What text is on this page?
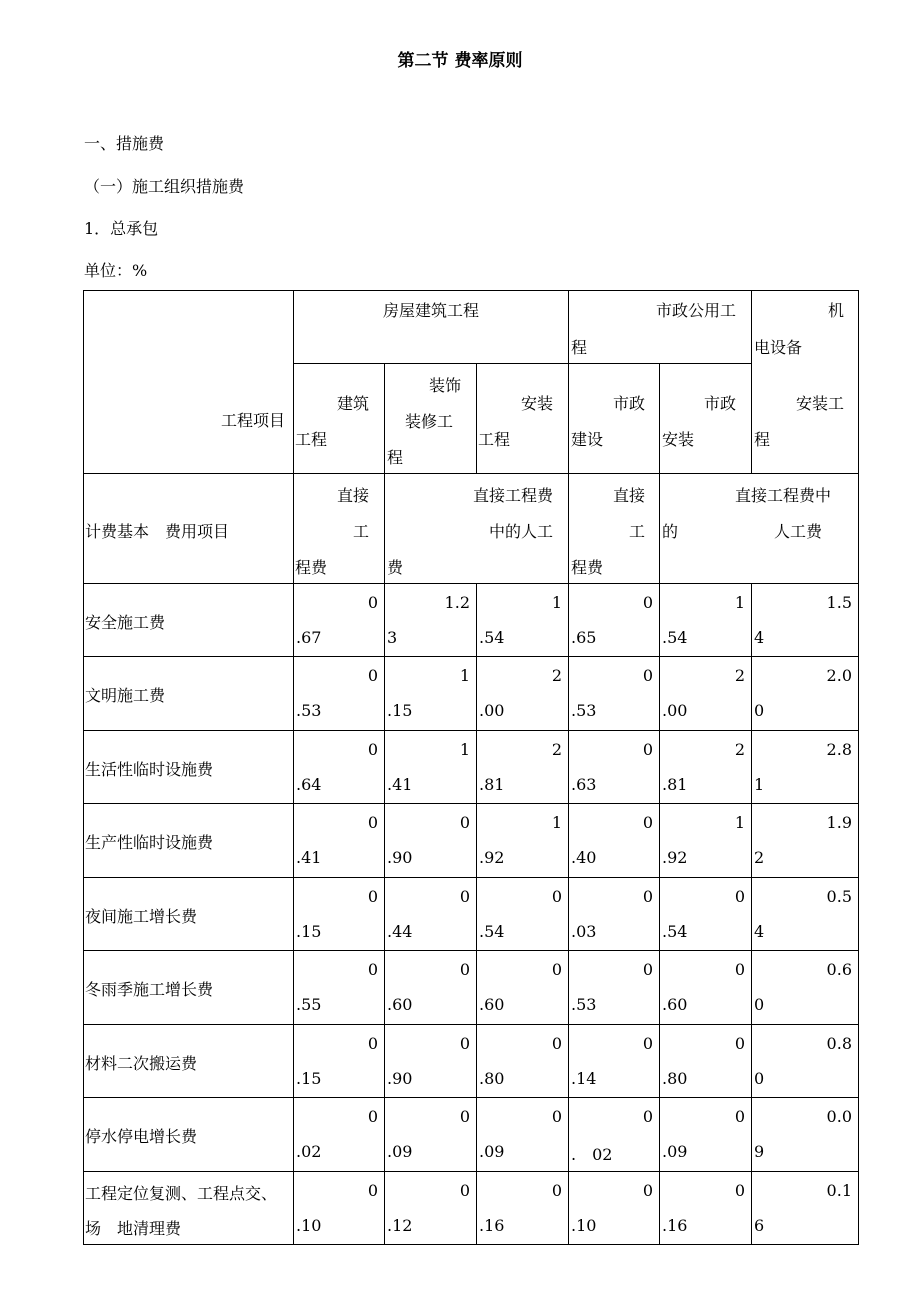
第二节 费率原则
一、措施费
（一）施工组织措施费
1．总承包
单位：%
工程项目
房屋建筑工程	市政公用工
程
机
电设备
安装工
程
建筑
工程
装饰
装修工
程
安装
工程
市政
建设
市政
安装
计费基本　费用项目
直接
工
程费
直接工程费
中的人工
费
直接
工
程费
直接工程费中
的　　　　　　人工费
安全施工费
0
.67
1.2
3
1
.54
0
.65
1
.54
1.5
4
文明施工费
0
.53
1
.15
2
.00
0
.53
2
.00
2.0
0
生活性临时设施费
0
.64
1
.41
2
.81
0
.63
2
.81
2.8
1
生产性临时设施费
0
.41
0
.90
1
.92
0
.40
1
.92
1.9
2
夜间施工增长费
0
.15
0
.44
0
.54
0
.03
0
.54
0.5
4
冬雨季施工增长费
0
.55
0
.60
0
.60
0
.53
0
.60
0.6
0
材料二次搬运费
0
.15
0
.90
0
.80
0
.14
0
.80
0.8
0
停水停电增长费
0
.02
0
.09
0
.09
0
.　02
0
.09
0.0
9
工程定位复测、工程点交、
场　地清理费
0
.10
0
.12
0
.16
0
.10
0
.16
0.1
6
